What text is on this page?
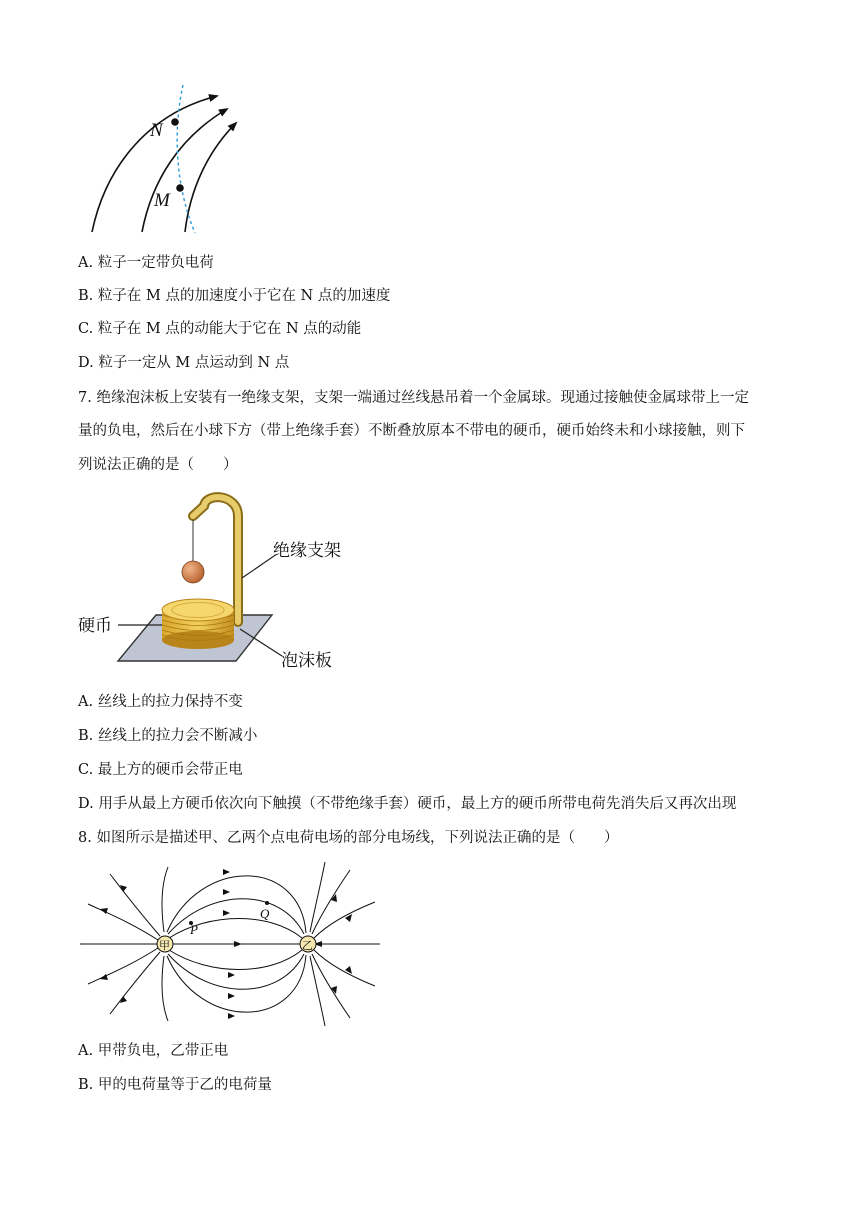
N
M
A. 粒子一定带负电荷
B. 粒子在 M 点的加速度小于它在 N 点的加速度
C. 粒子在 M 点的动能大于它在 N 点的动能
D. 粒子一定从 M 点运动到 N 点
7. 绝缘泡沫板上安装有一绝缘支架，支架一端通过丝线悬吊着一个金属球。现通过接触使金属球带上一定
量的负电，然后在小球下方（带上绝缘手套）不断叠放原本不带电的硬币，硬币始终未和小球接触，则下
列说法正确的是（　　）
绝缘支架
硬币
泡沫板
A. 丝线上的拉力保持不变
B. 丝线上的拉力会不断减小
C. 最上方的硬币会带正电
D. 用手从最上方硬币依次向下触摸（不带绝缘手套）硬币，最上方的硬币所带电荷先消失后又再次出现
8. 如图所示是描述甲、乙两个点电荷电场的部分电场线，下列说法正确的是（　　）
甲	乙
P
Q
A. 甲带负电，乙带正电
B. 甲的电荷量等于乙的电荷量
